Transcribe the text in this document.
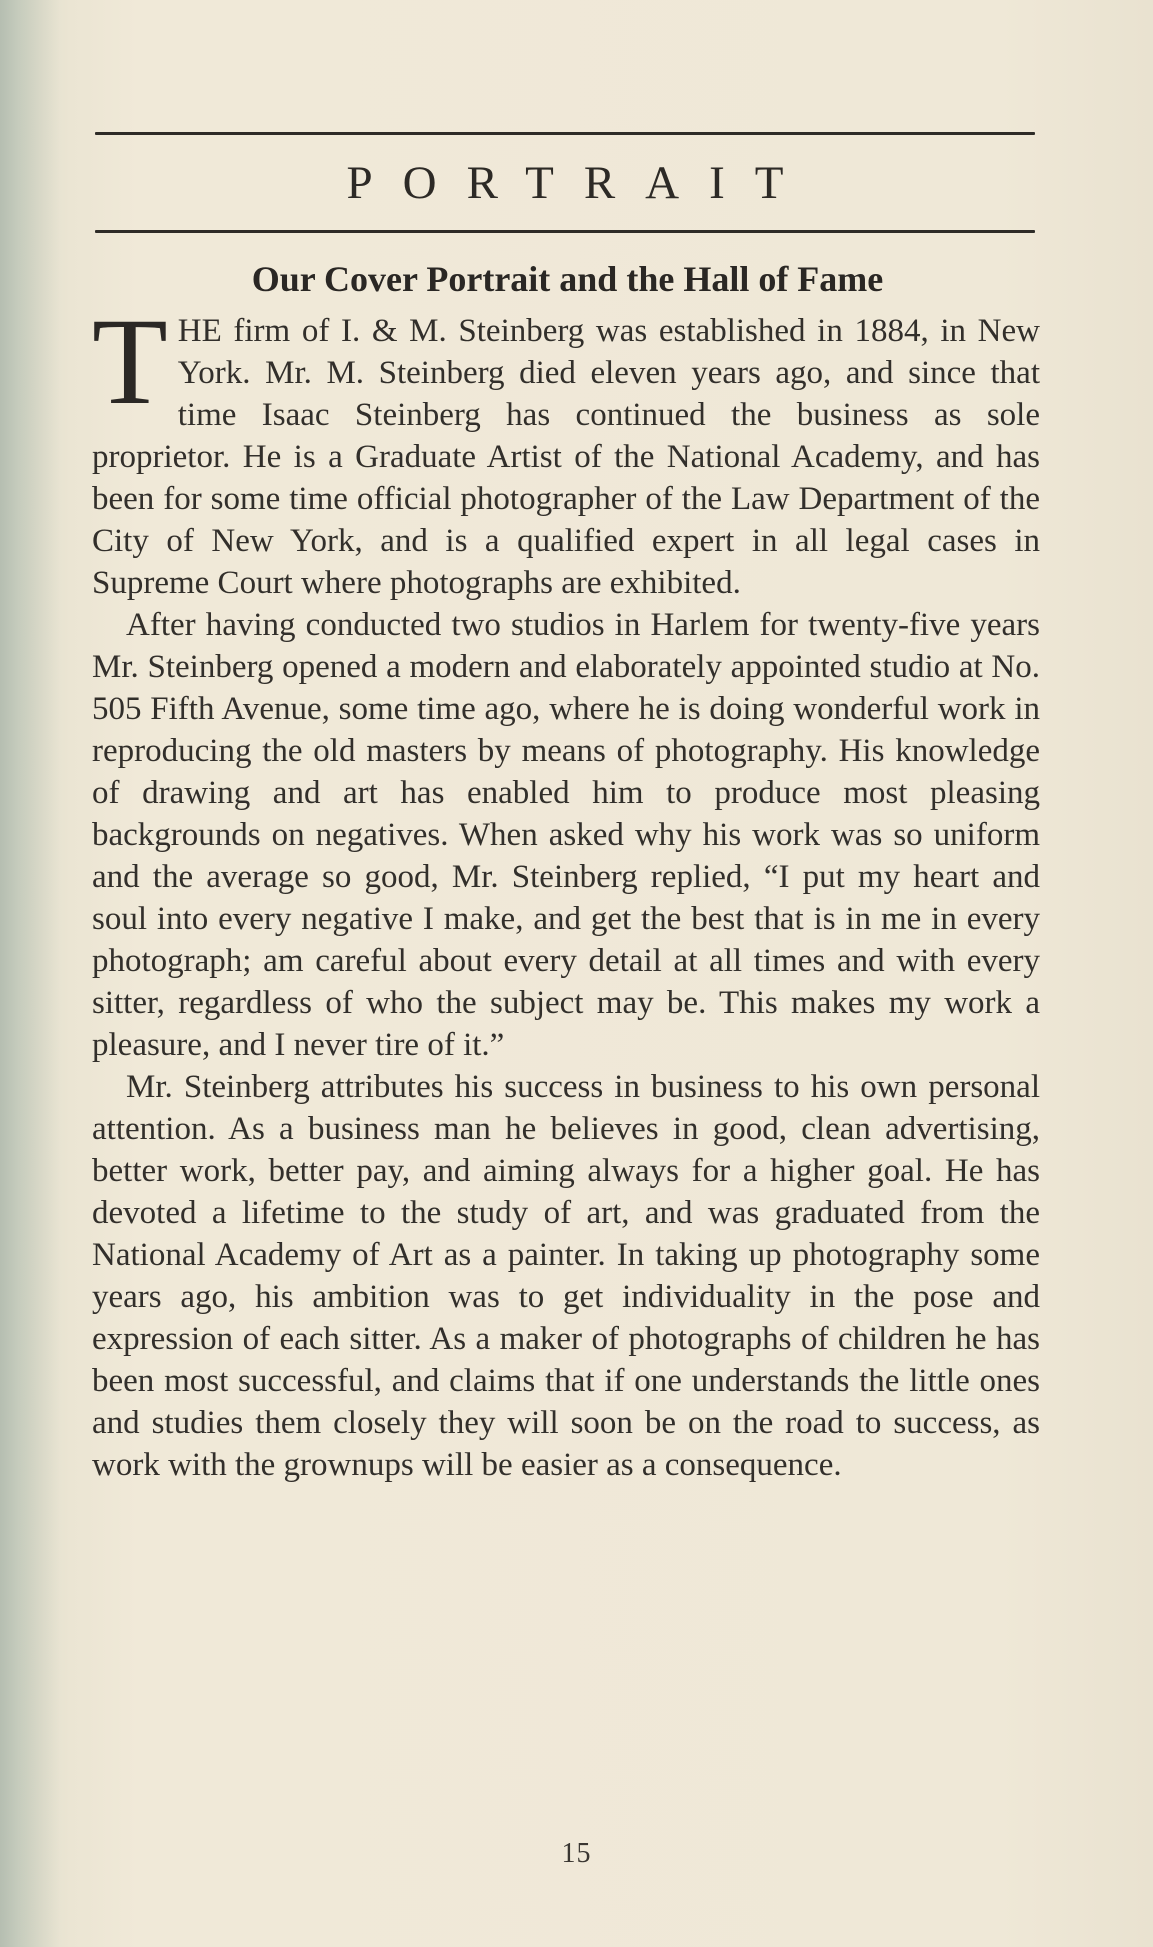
PORTRAIT
Our Cover Portrait and the Hall of Fame

THE firm of I. & M. Steinberg was established in 1884, in New York. Mr. M. Steinberg died eleven years ago, and since that time Isaac Steinberg has continued the business as sole proprietor. He is a Graduate Artist of the National Academy, and has been for some time official photographer of the Law Department of the City of New York, and is a qualified expert in all legal cases in Supreme Court where photographs are exhibited.

After having conducted two studios in Harlem for twenty-five years Mr. Steinberg opened a modern and elaborately appointed studio at No. 505 Fifth Avenue, some time ago, where he is doing wonderful work in reproducing the old masters by means of photography. His knowledge of drawing and art has enabled him to produce most pleasing backgrounds on negatives. When asked why his work was so uniform and the average so good, Mr. Steinberg replied, “I put my heart and soul into every negative I make, and get the best that is in me in every photograph; am careful about every detail at all times and with every sitter, regardless of who the subject may be. This makes my work a pleasure, and I never tire of it.”

Mr. Steinberg attributes his success in business to his own personal attention. As a business man he believes in good, clean advertising, better work, better pay, and aiming always for a higher goal. He has devoted a lifetime to the study of art, and was graduated from the National Academy of Art as a painter. In taking up photography some years ago, his ambition was to get individuality in the pose and expression of each sitter. As a maker of photographs of children he has been most successful, and claims that if one understands the little ones and studies them closely they will soon be on the road to success, as work with the grownups will be easier as a consequence.

15
